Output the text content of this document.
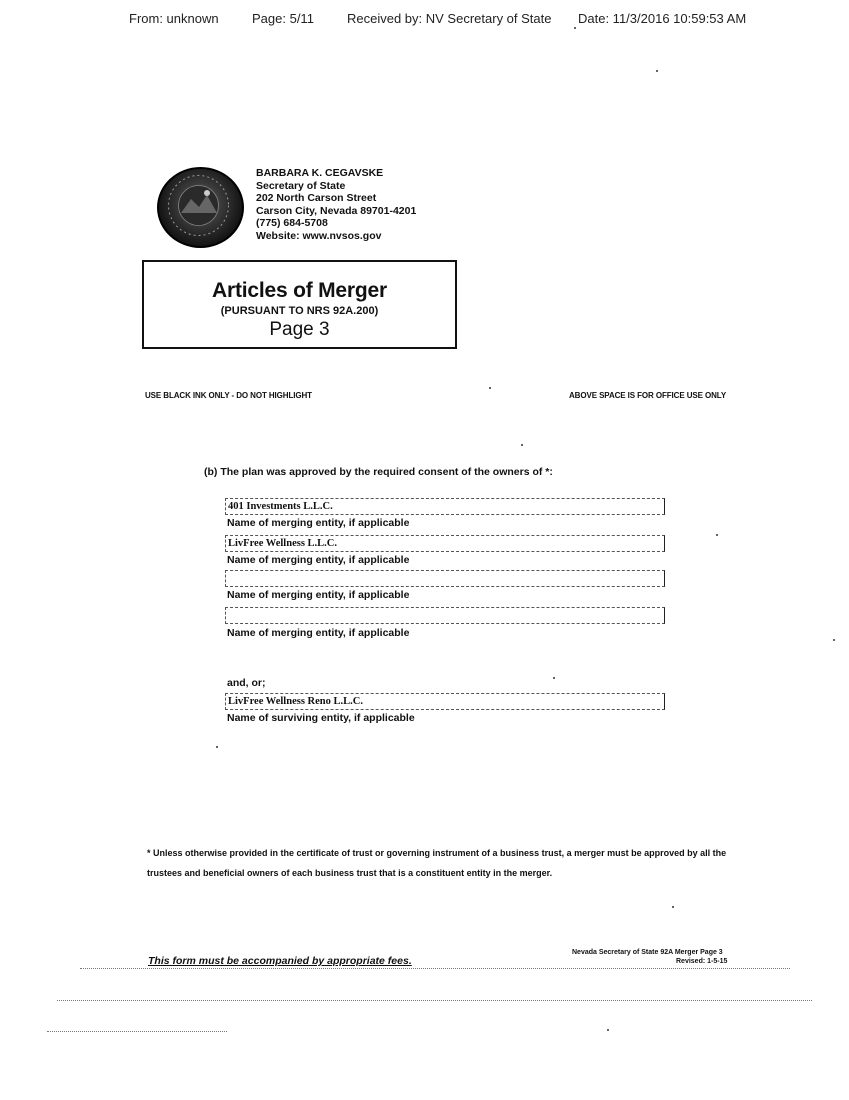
From: unknown	Page: 5/11	Received by: NV Secretary of State Date: 11/3/2016 10:59:53 AM
BARBARA K. CEGAVSKE
Secretary of State
202 North Carson Street
Carson City, Nevada 89701-4201
(775) 684-5708
Website: www.nvsos.gov
Articles of Merger
(PURSUANT TO NRS 92A.200)
Page 3
USE BLACK INK ONLY - DO NOT HIGHLIGHT	ABOVE SPACE IS FOR OFFICE USE ONLY
(b) The plan was approved by the required consent of the owners of *:
401 Investments L.L.C.
Name of merging entity, if applicable
LivFree Wellness L.L.C.
Name of merging entity, if applicable
Name of merging entity, if applicable
Name of merging entity, if applicable
and, or;
LivFree Wellness Reno L.L.C.
Name of surviving entity, if applicable
* Unless otherwise provided in the certificate of trust or governing instrument of a business trust, a merger must be approved by all the trustees and beneficial owners of each business trust that is a constituent entity in the merger.
This form must be accompanied by appropriate fees.
Nevada Secretary of State 92A Merger Page 3
Revised: 1-5-15
